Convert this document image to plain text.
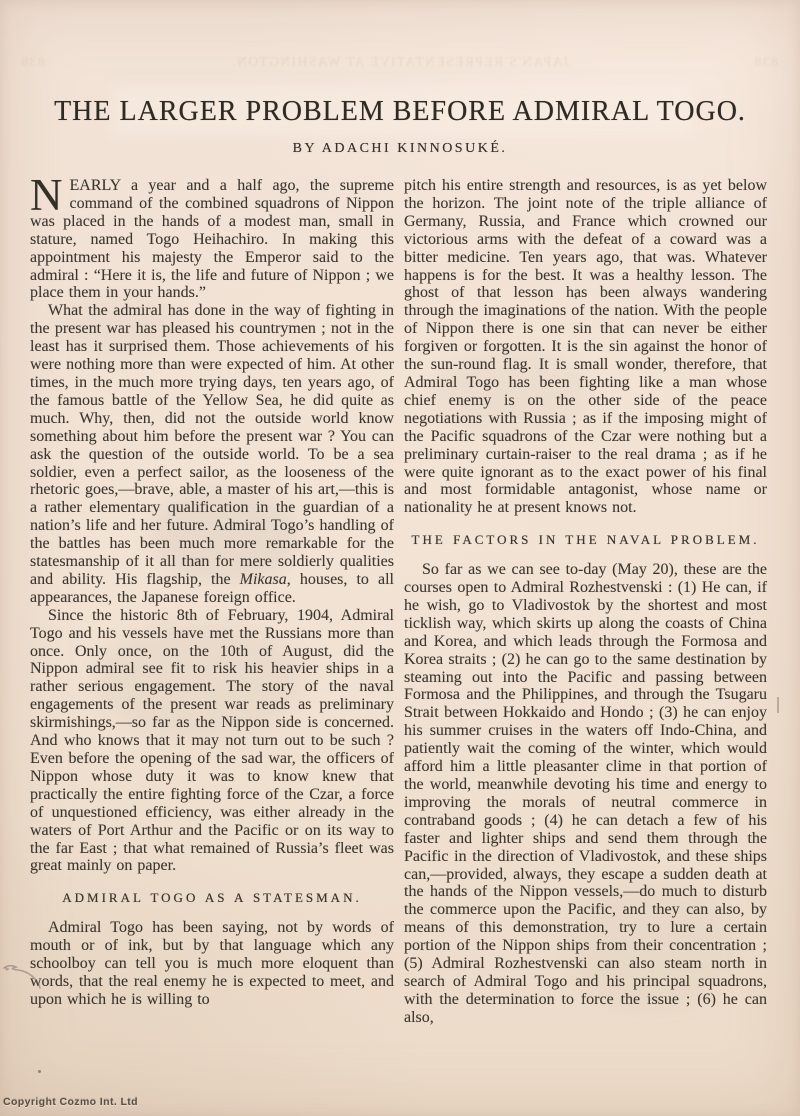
838
JAPAN'S REPRESENTATIVE AT WASHINGTON.
838
THE LARGER PROBLEM BEFORE ADMIRAL TOGO.
BY ADACHI KINNOSUKÉ.

NEARLY a year and a half ago, the supreme command of the combined squadrons of Nippon was placed in the hands of a modest man, small in stature, named Togo Heihachiro. In making this appointment his majesty the Emperor said to the admiral : “Here it is, the life and future of Nippon ; we place them in your hands.”

What the admiral has done in the way of fighting in the present war has pleased his countrymen ; not in the least has it surprised them. Those achievements of his were nothing more than were expected of him. At other times, in the much more trying days, ten years ago, of the famous battle of the Yellow Sea, he did quite as much. Why, then, did not the outside world know something about him before the present war ? You can ask the question of the outside world. To be a sea soldier, even a perfect sailor, as the looseness of the rhetoric goes,—brave, able, a master of his art,—this is a rather elementary qualification in the guardian of a nation’s life and her future. Admiral Togo’s handling of the battles has been much more remarkable for the statesmanship of it all than for mere soldierly qualities and ability. His flagship, the Mikasa, houses, to all appearances, the Japanese foreign office.

Since the historic 8th of February, 1904, Admiral Togo and his vessels have met the Russians more than once. Only once, on the 10th of August, did the Nippon admiral see fit to risk his heavier ships in a rather serious engagement. The story of the naval engagements of the present war reads as preliminary skirmishings,—so far as the Nippon side is concerned. And who knows that it may not turn out to be such ? Even before the opening of the sad war, the officers of Nippon whose duty it was to know knew that practically the entire fighting force of the Czar, a force of unquestioned efficiency, was either already in the waters of Port Arthur and the Pacific or on its way to the far East ; that what remained of Russia’s fleet was great mainly on paper.

ADMIRAL TOGO AS A STATESMAN.

Admiral Togo has been saying, not by words of mouth or of ink, but by that language which any schoolboy can tell you is much more eloquent than words, that the real enemy he is expected to meet, and upon which he is willing to

pitch his entire strength and resources, is as yet below the horizon. The joint note of the triple alliance of Germany, Russia, and France which crowned our victorious arms with the defeat of a coward was a bitter medicine. Ten years ago, that was. Whatever happens is for the best. It was a healthy lesson. The ghost of that lesson has been always wandering through the imaginations of the nation. With the people of Nippon there is one sin that can never be either forgiven or forgotten. It is the sin against the honor of the sun-round flag. It is small wonder, therefore, that Admiral Togo has been fighting like a man whose chief enemy is on the other side of the peace negotiations with Russia ; as if the imposing might of the Pacific squadrons of the Czar were nothing but a preliminary curtain-raiser to the real drama ; as if he were quite ignorant as to the exact power of his final and most formidable antagonist, whose name or nationality he at present knows not.

THE FACTORS IN THE NAVAL PROBLEM.

So far as we can see to-day (May 20), these are the courses open to Admiral Rozhestvenski : (1) He can, if he wish, go to Vladivostok by the shortest and most ticklish way, which skirts up along the coasts of China and Korea, and which leads through the Formosa and Korea straits ; (2) he can go to the same destination by steaming out into the Pacific and passing between Formosa and the Philippines, and through the Tsugaru Strait between Hokkaido and Hondo ; (3) he can enjoy his summer cruises in the waters off Indo-China, and patiently wait the coming of the winter, which would afford him a little pleasanter clime in that portion of the world, meanwhile devoting his time and energy to improving the morals of neutral commerce in contraband goods ; (4) he can detach a few of his faster and lighter ships and send them through the Pacific in the direction of Vladivostok, and these ships can,—provided, always, they escape a sudden death at the hands of the Nippon vessels,—do much to disturb the commerce upon the Pacific, and they can also, by means of this demonstration, try to lure a certain portion of the Nippon ships from their concentration ; (5) Admiral Rozhestvenski can also steam north in search of Admiral Togo and his principal squadrons, with the determination to force the issue ; (6) he can also,

Copyright Cozmo Int. Ltd
